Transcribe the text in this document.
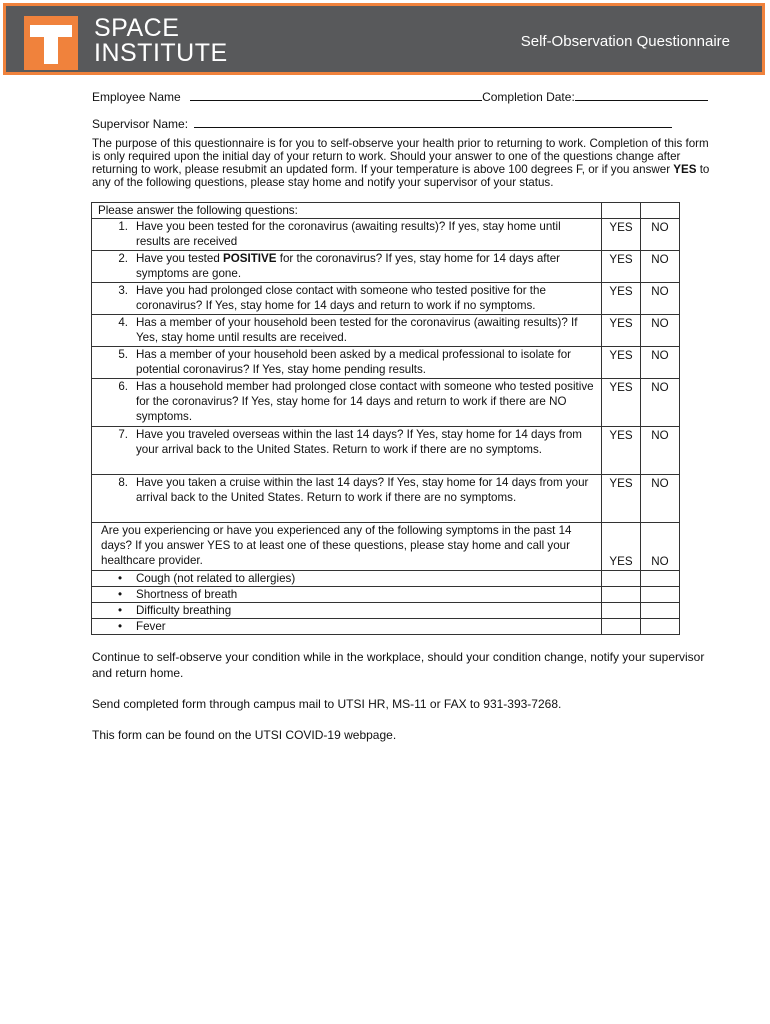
SPACE
INSTITUTE	Self-Observation Questionnaire
Employee Name	Completion Date:
Supervisor Name:
The purpose of this questionnaire is for you to self-observe your health prior to returning to work. Completion of this form is only required upon the initial day of your return to work. Should your answer to one of the questions change after returning to work, please resubmit an updated form. If your temperature is above 100 degrees F, or if you answer YES to any of the following questions, please stay home and notify your supervisor of your status.
Please answer the following questions:		

1. Have you been tested for the coronavirus (awaiting results)? If yes, stay home until results are received	YES	NO

2. Have you tested POSITIVE for the coronavirus? If yes, stay home for 14 days after symptoms are gone.	YES	NO

3. Have you had prolonged close contact with someone who tested positive for the coronavirus? If Yes, stay home for 14 days and return to work if no symptoms.	YES	NO

4. Has a member of your household been tested for the coronavirus (awaiting results)? If Yes, stay home until results are received.	YES	NO

5. Has a member of your household been asked by a medical professional to isolate for potential coronavirus? If Yes, stay home pending results.	YES	NO

6. Has a household member had prolonged close contact with someone who tested positive for the coronavirus? If Yes, stay home for 14 days and return to work if there are NO symptoms.	YES	NO

7. Have you traveled overseas within the last 14 days? If Yes, stay home for 14 days from your arrival back to the United States. Return to work if there are no symptoms.	YES	NO

8. Have you taken a cruise within the last 14 days? If Yes, stay home for 14 days from your arrival back to the United States. Return to work if there are no symptoms.	YES	NO
Are you experiencing or have you experienced any of the following symptoms in the past 14 days? If you answer YES to at least one of these questions, please stay home and call your healthcare provider.	YES	NO

• Cough (not related to allergies)		

• Shortness of breath		

• Difficulty breathing		

• Fever		

Continue to self-observe your condition while in the workplace, should your condition change, notify your supervisor and return home.
Send completed form through campus mail to UTSI HR, MS-11 or FAX to 931-393-7268.
This form can be found on the UTSI COVID-19 webpage.
